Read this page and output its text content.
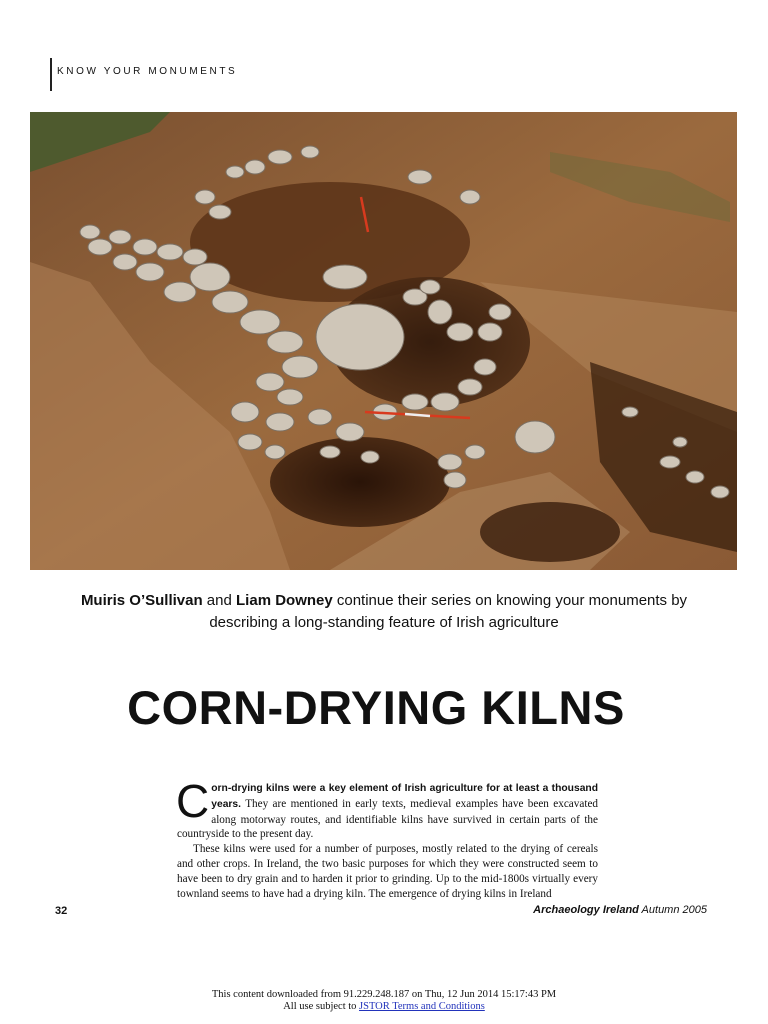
KNOW YOUR MONUMENTS
Muiris O’Sullivan and Liam Downey continue their series on knowing your monuments by describing a long-standing feature of Irish agriculture
CORN-DRYING KILNS

Corn-drying kilns were a key element of Irish agriculture for at least a thousand years. They are mentioned in early texts, medieval examples have been excavated along motorway routes, and identifiable kilns have survived in certain parts of the countryside to the present day.

These kilns were used for a number of purposes, mostly related to the drying of cereals and other crops. In Ireland, the two basic purposes for which they were constructed seem to have been to dry grain and to harden it prior to grinding. Up to the mid-1800s virtually every townland seems to have had a drying kiln. The emergence of drying kilns in Ireland

32	Archaeology Ireland Autumn 2005
This content downloaded from 91.229.248.187 on Thu, 12 Jun 2014 15:17:43 PM
All use subject to JSTOR Terms and Conditions
